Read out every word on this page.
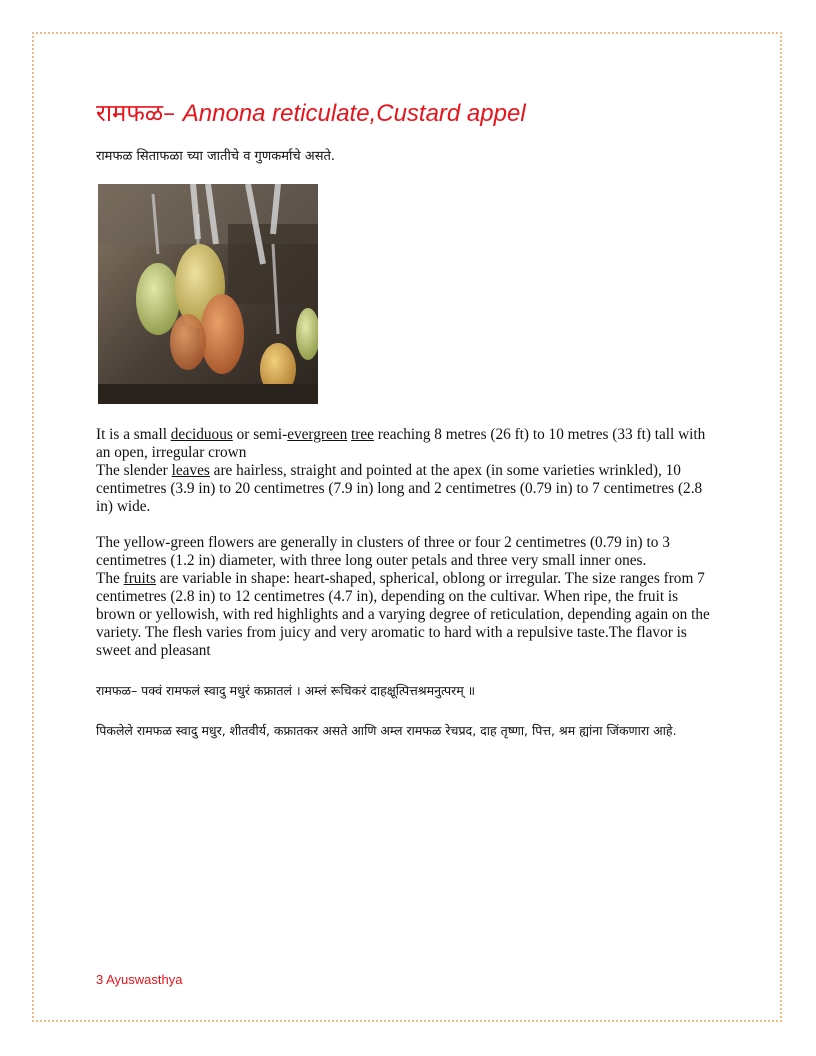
रामफळ– Annona reticulate,Custard appel

रामफळ सिताफळा च्या जातीचे व गुणकर्माचे असते.

It is a small deciduous or semi-evergreen tree reaching 8 metres (26 ft) to 10 metres (33 ft) tall with an open, irregular crown

The slender leaves are hairless, straight and pointed at the apex (in some varieties wrinkled), 10 centimetres (3.9 in) to 20 centimetres (7.9 in) long and 2 centimetres (0.79 in) to 7 centimetres (2.8 in) wide.

The yellow-green flowers are generally in clusters of three or four 2 centimetres (0.79 in) to 3 centimetres (1.2 in) diameter, with three long outer petals and three very small inner ones.

The fruits are variable in shape: heart-shaped, spherical, oblong or irregular. The size ranges from 7 centimetres (2.8 in) to 12 centimetres (4.7 in), depending on the cultivar. When ripe, the fruit is brown or yellowish, with red highlights and a varying degree of reticulation, depending again on the variety. The flesh varies from juicy and very aromatic to hard with a repulsive taste.The flavor is sweet and pleasant

रामफळ– पक्वं रामफलं स्वादु मधुरं कफ्रातलं । अम्लं रूचिकरं दाहक्षूत्पित्तश्रमनुत्परम् ॥

पिकलेले रामफळ स्वादु मधुर, शीतवीर्य, कफ्रातकर असते आणि अम्ल रामफळ रेचप्रद, दाह तृष्णा, पित्त, श्रम ह्यांना जिंकणारा आहे.

3 Ayuswasthya
